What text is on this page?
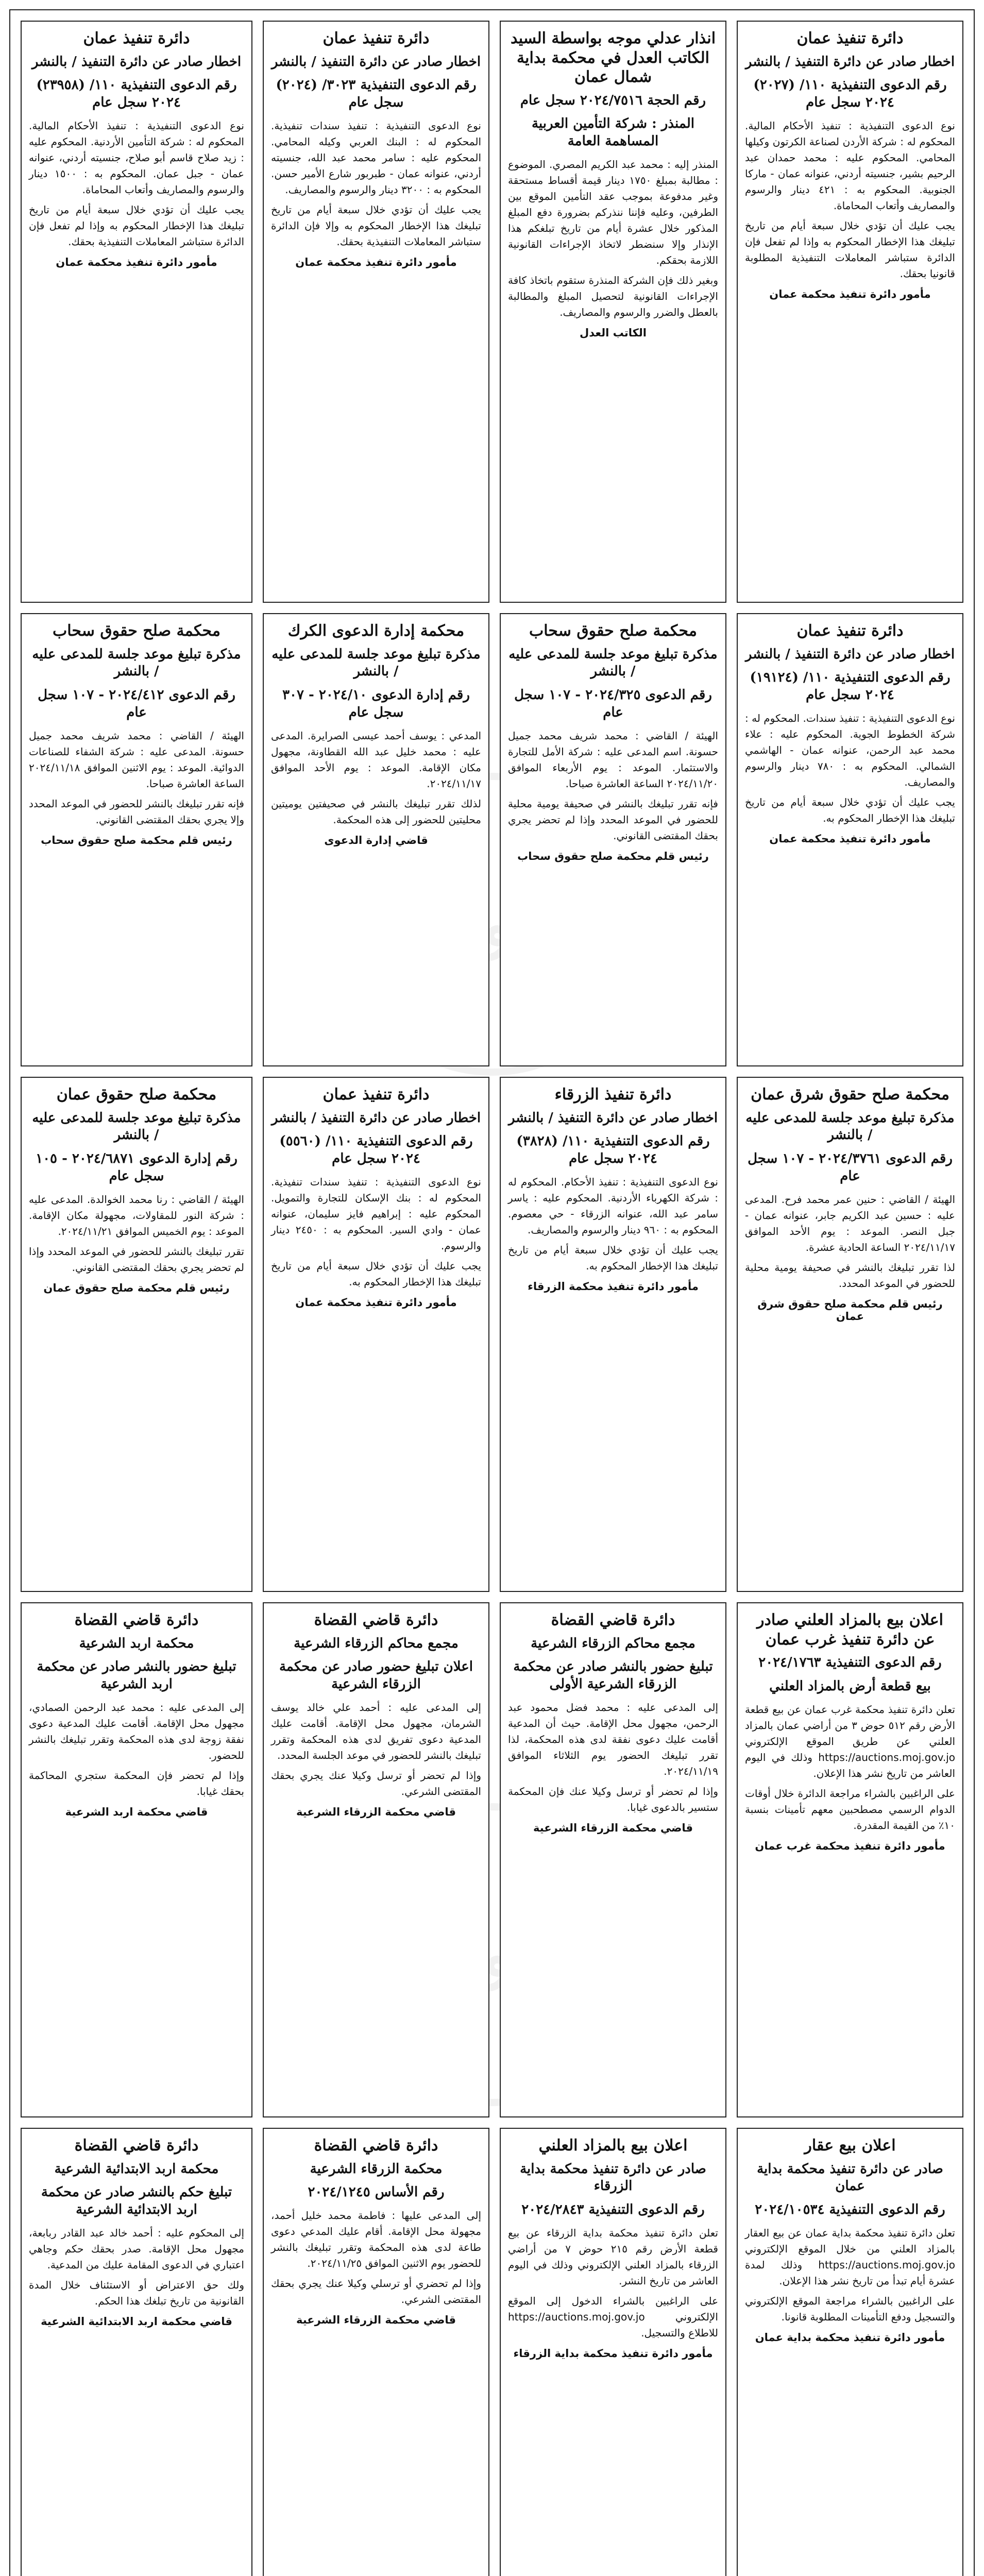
السوسنة
السوسنة
دائرة تنفيذ عمان
اخطار صادر عن دائرة التنفيذ / بالنشر
رقم الدعوى التنفيذية ١١٠/ (٢٠٢٧) ٢٠٢٤ سجل عام

نوع الدعوى التنفيذية : تنفيذ الأحكام المالية. المحكوم له : شركة الأردن لصناعة الكرتون وكيلها المحامي. المحكوم عليه : محمد حمدان عبد الرحيم بشير، جنسيته أردني، عنوانه عمان - ماركا الجنوبية. المحكوم به : ٤٢١ دينار والرسوم والمصاريف وأتعاب المحاماة.

يجب عليك أن تؤدي خلال سبعة أيام من تاريخ تبليغك هذا الإخطار المحكوم به وإذا لم تفعل فإن الدائرة ستباشر المعاملات التنفيذية المطلوبة قانونيا بحقك.

مأمور دائرة تنفيذ محكمة عمان
انذار عدلي موجه بواسطة السيد الكاتب العدل في محكمة بداية شمال عمان
رقم الحجة ٢٠٢٤/٧٥١٦ سجل عام
المنذر : شركة التأمين العربية المساهمة العامة

المنذر إليه : محمد عبد الكريم المصري. الموضوع : مطالبة بمبلغ ١٧٥٠ دينار قيمة أقساط مستحقة وغير مدفوعة بموجب عقد التأمين الموقع بين الطرفين، وعليه فإننا ننذركم بضرورة دفع المبلغ المذكور خلال عشرة أيام من تاريخ تبلغكم هذا الإنذار وإلا سنضطر لاتخاذ الإجراءات القانونية اللازمة بحقكم.

وبغير ذلك فإن الشركة المنذرة ستقوم باتخاذ كافة الإجراءات القانونية لتحصيل المبلغ والمطالبة بالعطل والضرر والرسوم والمصاريف.

الكاتب العدل
دائرة تنفيذ عمان
اخطار صادر عن دائرة التنفيذ / بالنشر
رقم الدعوى التنفيذية ٣٠٢٣/ (٢٠٢٤) سجل عام

نوع الدعوى التنفيذية : تنفيذ سندات تنفيذية. المحكوم له : البنك العربي وكيله المحامي. المحكوم عليه : سامر محمد عبد الله، جنسيته أردني، عنوانه عمان - طبربور شارع الأمير حسن. المحكوم به : ٣٢٠٠ دينار والرسوم والمصاريف.

يجب عليك أن تؤدي خلال سبعة أيام من تاريخ تبليغك هذا الإخطار المحكوم به وإلا فإن الدائرة ستباشر المعاملات التنفيذية بحقك.

مأمور دائرة تنفيذ محكمة عمان
دائرة تنفيذ عمان
اخطار صادر عن دائرة التنفيذ / بالنشر
رقم الدعوى التنفيذية ١١٠/ (٢٣٩٥٨) ٢٠٢٤ سجل عام

نوع الدعوى التنفيذية : تنفيذ الأحكام المالية. المحكوم له : شركة التأمين الأردنية. المحكوم عليه : زيد صلاح قاسم أبو صلاح، جنسيته أردني، عنوانه عمان - جبل عمان. المحكوم به : ١٥٠٠ دينار والرسوم والمصاريف وأتعاب المحاماة.

يجب عليك أن تؤدي خلال سبعة أيام من تاريخ تبليغك هذا الإخطار المحكوم به وإذا لم تفعل فإن الدائرة ستباشر المعاملات التنفيذية بحقك.

مأمور دائرة تنفيذ محكمة عمان
دائرة تنفيذ عمان
اخطار صادر عن دائرة التنفيذ / بالنشر
رقم الدعوى التنفيذية ١١٠/ (١٩١٢٤) ٢٠٢٤ سجل عام

نوع الدعوى التنفيذية : تنفيذ سندات. المحكوم له : شركة الخطوط الجوية. المحكوم عليه : علاء محمد عبد الرحمن، عنوانه عمان - الهاشمي الشمالي. المحكوم به : ٧٨٠ دينار والرسوم والمصاريف.

يجب عليك أن تؤدي خلال سبعة أيام من تاريخ تبليغك هذا الإخطار المحكوم به.

مأمور دائرة تنفيذ محكمة عمان
محكمة صلح حقوق سحاب
مذكرة تبليغ موعد جلسة للمدعى عليه / بالنشر
رقم الدعوى ٢٠٢٤/٣٢٥ - ١٠٧ سجل عام

الهيئة / القاضي : محمد شريف محمد جميل حسونة. اسم المدعى عليه : شركة الأمل للتجارة والاستثمار. الموعد : يوم الأربعاء الموافق ٢٠٢٤/١١/٢٠ الساعة العاشرة صباحا.

فإنه تقرر تبليغك بالنشر في صحيفة يومية محلية للحضور في الموعد المحدد وإذا لم تحضر يجري بحقك المقتضى القانوني.

رئيس قلم محكمة صلح حقوق سحاب
محكمة إدارة الدعوى الكرك
مذكرة تبليغ موعد جلسة للمدعى عليه / بالنشر
رقم إدارة الدعوى ٢٠٢٤/١٠ - ٣٠٧ سجل عام

المدعي : يوسف أحمد عيسى الصرايرة. المدعى عليه : محمد خليل عبد الله القطاونة، مجهول مكان الإقامة. الموعد : يوم الأحد الموافق ٢٠٢٤/١١/١٧.

لذلك تقرر تبليغك بالنشر في صحيفتين يوميتين محليتين للحضور إلى هذه المحكمة.

قاضي إدارة الدعوى
محكمة صلح حقوق سحاب
مذكرة تبليغ موعد جلسة للمدعى عليه / بالنشر
رقم الدعوى ٢٠٢٤/٤١٢ - ١٠٧ سجل عام

الهيئة / القاضي : محمد شريف محمد جميل حسونة. المدعى عليه : شركة الشفاء للصناعات الدوائية. الموعد : يوم الاثنين الموافق ٢٠٢٤/١١/١٨ الساعة العاشرة صباحا.

فإنه تقرر تبليغك بالنشر للحضور في الموعد المحدد وإلا يجري بحقك المقتضى القانوني.

رئيس قلم محكمة صلح حقوق سحاب
محكمة صلح حقوق شرق عمان
مذكرة تبليغ موعد جلسة للمدعى عليه / بالنشر
رقم الدعوى ٢٠٢٤/٣٧٦١ - ١٠٧ سجل عام

الهيئة / القاضي : حنين عمر محمد فرح. المدعى عليه : حسين عبد الكريم جابر، عنوانه عمان - جبل النصر. الموعد : يوم الأحد الموافق ٢٠٢٤/١١/١٧ الساعة الحادية عشرة.

لذا تقرر تبليغك بالنشر في صحيفة يومية محلية للحضور في الموعد المحدد.

رئيس قلم محكمة صلح حقوق شرق عمان
دائرة تنفيذ الزرقاء
اخطار صادر عن دائرة التنفيذ / بالنشر
رقم الدعوى التنفيذية ١١٠/ (٣٨٢٨) ٢٠٢٤ سجل عام

نوع الدعوى التنفيذية : تنفيذ الأحكام. المحكوم له : شركة الكهرباء الأردنية. المحكوم عليه : ياسر سامر عبد الله، عنوانه الزرقاء - حي معصوم. المحكوم به : ٩٦٠ دينار والرسوم والمصاريف.

يجب عليك أن تؤدي خلال سبعة أيام من تاريخ تبليغك هذا الإخطار المحكوم به.

مأمور دائرة تنفيذ محكمة الزرقاء
دائرة تنفيذ عمان
اخطار صادر عن دائرة التنفيذ / بالنشر
رقم الدعوى التنفيذية ١١٠/ (٥٥٦٠) ٢٠٢٤ سجل عام

نوع الدعوى التنفيذية : تنفيذ سندات تنفيذية. المحكوم له : بنك الإسكان للتجارة والتمويل. المحكوم عليه : إبراهيم فايز سليمان، عنوانه عمان - وادي السير. المحكوم به : ٢٤٥٠ دينار والرسوم.

يجب عليك أن تؤدي خلال سبعة أيام من تاريخ تبليغك هذا الإخطار المحكوم به.

مأمور دائرة تنفيذ محكمة عمان
محكمة صلح حقوق عمان
مذكرة تبليغ موعد جلسة للمدعى عليه / بالنشر
رقم إدارة الدعوى ٢٠٢٤/٦٨٧١ - ١٠٥ سجل عام

الهيئة / القاضي : رنا محمد الخوالدة. المدعى عليه : شركة النور للمقاولات، مجهولة مكان الإقامة. الموعد : يوم الخميس الموافق ٢٠٢٤/١١/٢١.

تقرر تبليغك بالنشر للحضور في الموعد المحدد وإذا لم تحضر يجري بحقك المقتضى القانوني.

رئيس قلم محكمة صلح حقوق عمان
اعلان بيع بالمزاد العلني صادر عن دائرة تنفيذ غرب عمان
رقم الدعوى التنفيذية ٢٠٢٤/١٧٦٣
بيع قطعة أرض بالمزاد العلني

تعلن دائرة تنفيذ محكمة غرب عمان عن بيع قطعة الأرض رقم ٥١٢ حوض ٣ من أراضي عمان بالمزاد العلني عن طريق الموقع الإلكتروني https://auctions.moj.gov.jo وذلك في اليوم العاشر من تاريخ نشر هذا الإعلان.

على الراغبين بالشراء مراجعة الدائرة خلال أوقات الدوام الرسمي مصطحبين معهم تأمينات بنسبة ١٠٪ من القيمة المقدرة.

مأمور دائرة تنفيذ محكمة غرب عمان
دائرة قاضي القضاة
مجمع محاكم الزرقاء الشرعية
تبليغ حضور بالنشر صادر عن محكمة الزرقاء الشرعية الأولى

إلى المدعى عليه : محمد فضل محمود عبد الرحمن، مجهول محل الإقامة. حيث أن المدعية أقامت عليك دعوى نفقة لدى هذه المحكمة، لذا تقرر تبليغك الحضور يوم الثلاثاء الموافق ٢٠٢٤/١١/١٩.

وإذا لم تحضر أو ترسل وكيلا عنك فإن المحكمة ستسير بالدعوى غيابا.

قاضي محكمة الزرقاء الشرعية
دائرة قاضي القضاة
مجمع محاكم الزرقاء الشرعية
اعلان تبليغ حضور صادر عن محكمة الزرقاء الشرعية

إلى المدعى عليه : أحمد علي خالد يوسف الشرمان، مجهول محل الإقامة. أقامت عليك المدعية دعوى تفريق لدى هذه المحكمة وتقرر تبليغك بالنشر للحضور في موعد الجلسة المحدد.

وإذا لم تحضر أو ترسل وكيلا عنك يجري بحقك المقتضى الشرعي.

قاضي محكمة الزرقاء الشرعية
دائرة قاضي القضاة
محكمة اربد الشرعية
تبليغ حضور بالنشر صادر عن محكمة اربد الشرعية

إلى المدعى عليه : محمد عبد الرحمن الصمادي، مجهول محل الإقامة. أقامت عليك المدعية دعوى نفقة زوجة لدى هذه المحكمة وتقرر تبليغك بالنشر للحضور.

وإذا لم تحضر فإن المحكمة ستجري المحاكمة بحقك غيابا.

قاضي محكمة اربد الشرعية
اعلان بيع عقار
صادر عن دائرة تنفيذ محكمة بداية عمان
رقم الدعوى التنفيذية ٢٠٢٤/١٠٥٣٤

تعلن دائرة تنفيذ محكمة بداية عمان عن بيع العقار بالمزاد العلني من خلال الموقع الإلكتروني https://auctions.moj.gov.jo وذلك لمدة عشرة أيام تبدأ من تاريخ نشر هذا الإعلان.

على الراغبين بالشراء مراجعة الموقع الإلكتروني والتسجيل ودفع التأمينات المطلوبة قانونا.

مأمور دائرة تنفيذ محكمة بداية عمان
اعلان بيع بالمزاد العلني
صادر عن دائرة تنفيذ محكمة بداية الزرقاء
رقم الدعوى التنفيذية ٢٠٢٤/٢٨٤٣

تعلن دائرة تنفيذ محكمة بداية الزرقاء عن بيع قطعة الأرض رقم ٢١٥ حوض ٧ من أراضي الزرقاء بالمزاد العلني الإلكتروني وذلك في اليوم العاشر من تاريخ النشر.

على الراغبين بالشراء الدخول إلى الموقع الإلكتروني https://auctions.moj.gov.jo للاطلاع والتسجيل.

مأمور دائرة تنفيذ محكمة بداية الزرقاء
دائرة قاضي القضاة
محكمة الزرقاء الشرعية
رقم الأساس ٢٠٢٤/١٢٤٥

إلى المدعى عليها : فاطمة محمد خليل أحمد، مجهولة محل الإقامة. أقام عليك المدعي دعوى طاعة لدى هذه المحكمة وتقرر تبليغك بالنشر للحضور يوم الاثنين الموافق ٢٠٢٤/١١/٢٥.

وإذا لم تحضري أو ترسلي وكيلا عنك يجري بحقك المقتضى الشرعي.

قاضي محكمة الزرقاء الشرعية
دائرة قاضي القضاة
محكمة اربد الابتدائية الشرعية
تبليغ حكم بالنشر صادر عن محكمة اربد الابتدائية الشرعية

إلى المحكوم عليه : أحمد خالد عبد القادر ربابعة، مجهول محل الإقامة. صدر بحقك حكم وجاهي اعتباري في الدعوى المقامة عليك من المدعية.

ولك حق الاعتراض أو الاستئناف خلال المدة القانونية من تاريخ تبلغك هذا الحكم.

قاضي محكمة اربد الابتدائية الشرعية
